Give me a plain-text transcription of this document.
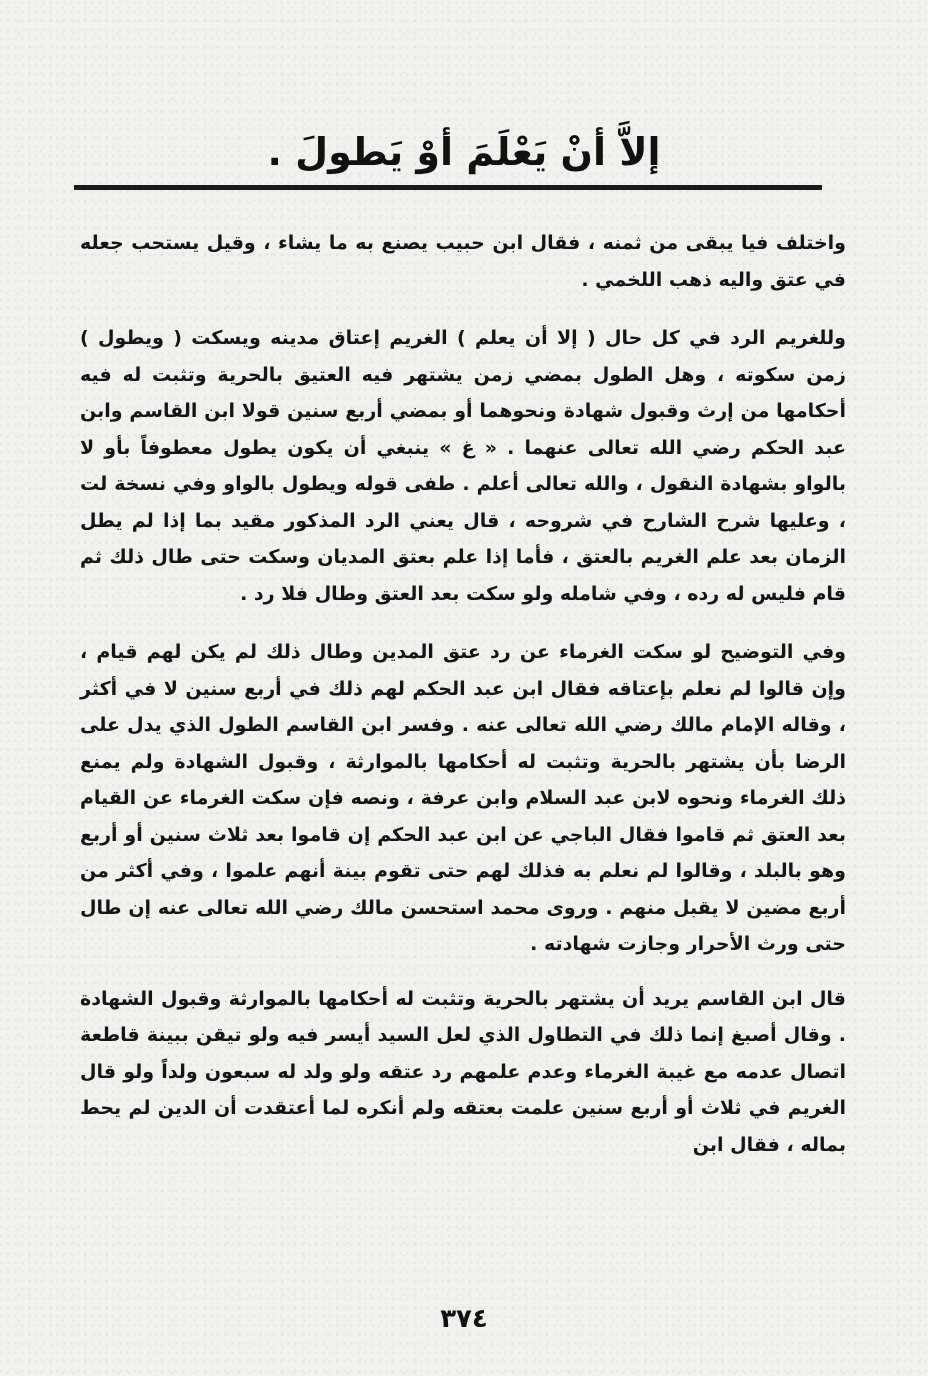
إلاَّ أنْ يَعْلَمَ أوْ يَطولَ .

واختلف فيا يبقى من ثمنه ، فقال ابن حبيب يصنع به ما يشاء ، وقيل يستحب جعله في عتق واليه ذهب اللخمي .

وللغريم الرد في كل حال ( إلا أن يعلم ) الغريم إعتاق مدينه ويسكت ( ويطول ) زمن سكوته ، وهل الطول بمضي زمن يشتهر فيه العتيق بالحرية وتثبت له فيه أحكامها من إرث وقبول شهادة ونحوهما أو بمضي أربع سنين قولا ابن القاسم وابن عبد الحكم رضي الله تعالى عنهما . « غ » ينبغي أن يكون يطول معطوفاً بأو لا بالواو بشهادة النقول ، والله تعالى أعلم . طفى قوله ويطول بالواو وفي نسخة لت ، وعليها شرح الشارح في شروحه ، قال يعني الرد المذكور مقيد بما إذا لم يطل الزمان بعد علم الغريم بالعتق ، فأما إذا علم بعتق المديان وسكت حتى طال ذلك ثم قام فليس له رده ، وفي شامله ولو سكت بعد العتق وطال فلا رد .

وفي التوضيح لو سكت الغرماء عن رد عتق المدين وطال ذلك لم يكن لهم قيام ، وإن قالوا لم نعلم بإعتاقه فقال ابن عبد الحكم لهم ذلك في أربع سنين لا في أكثر ، وقاله الإمام مالك رضي الله تعالى عنه . وفسر ابن القاسم الطول الذي يدل على الرضا بأن يشتهر بالحرية وتثبت له أحكامها بالموارثة ، وقبول الشهادة ولم يمنع ذلك الغرماء ونحوه لابن عبد السلام وابن عرفة ، ونصه فإن سكت الغرماء عن القيام بعد العتق ثم قاموا فقال الباجي عن ابن عبد الحكم إن قاموا بعد ثلاث سنين أو أربع وهو بالبلد ، وقالوا لم نعلم به فذلك لهم حتى تقوم بينة أنهم علموا ، وفي أكثر من أربع مضين لا يقبل منهم . وروى محمد استحسن مالك رضي الله تعالى عنه إن طال حتى ورث الأحرار وجازت شهادته .

قال ابن القاسم يريد أن يشتهر بالحرية وتثبت له أحكامها بالموارثة وقبول الشهادة . وقال أصبغ إنما ذلك في التطاول الذي لعل السيد أيسر فيه ولو تيقن ببينة قاطعة اتصال عدمه مع غيبة الغرماء وعدم علمهم رد عتقه ولو ولد له سبعون ولداً ولو قال الغريم في ثلاث أو أربع سنين علمت بعتقه ولم أنكره لما أعتقدت أن الدين لم يحط بماله ، فقال ابن

٣٧٤
